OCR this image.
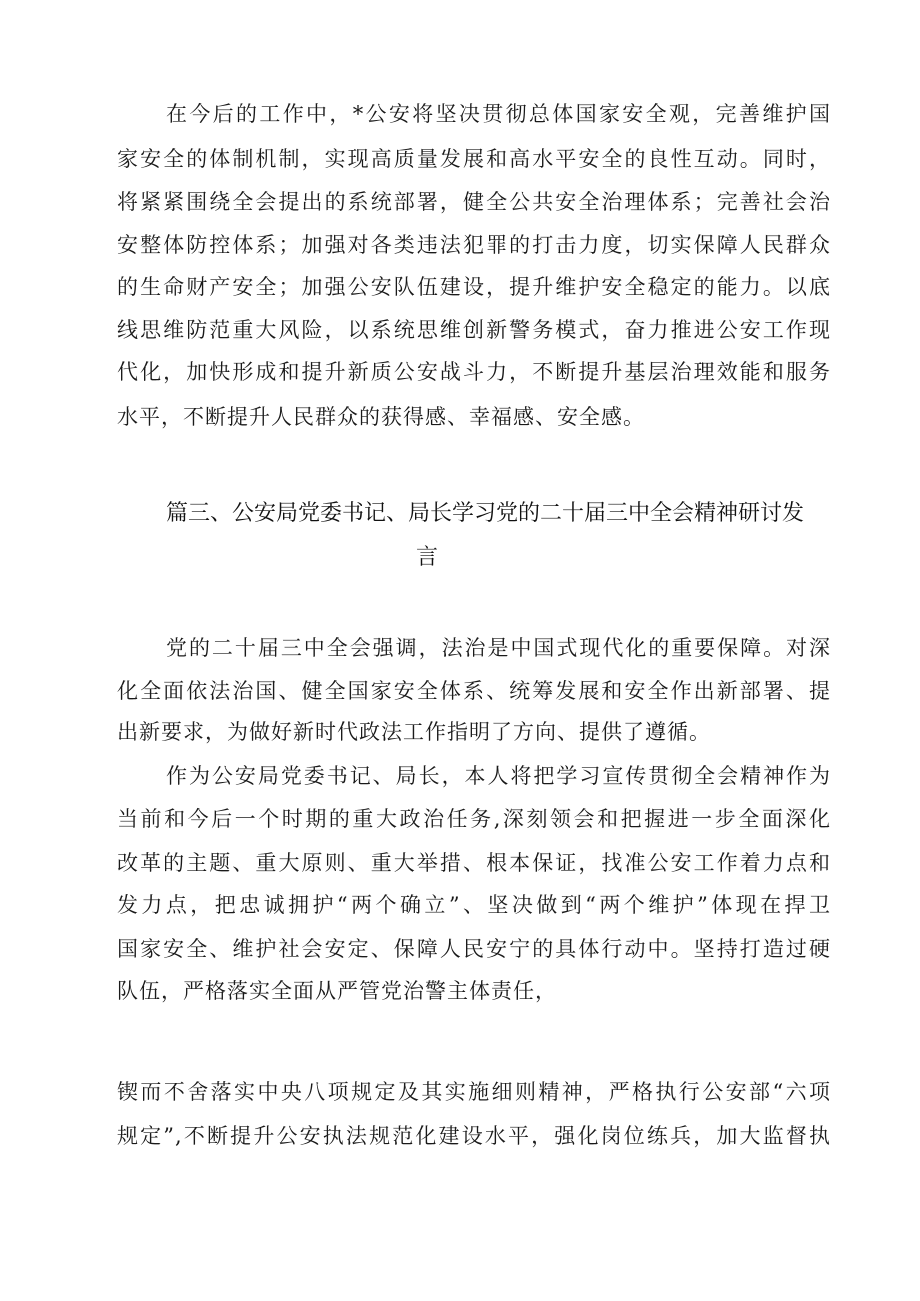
在今后的工作中，*公安将坚决贯彻总体国家安全观，完善维护国
家安全的体制机制，实现高质量发展和高水平安全的良性互动。同时，
将紧紧围绕全会提出的系统部署，健全公共安全治理体系；完善社会治
安整体防控体系；加强对各类违法犯罪的打击力度，切实保障人民群众
的生命财产安全；加强公安队伍建设，提升维护安全稳定的能力。以底
线思维防范重大风险，以系统思维创新警务模式，奋力推进公安工作现
代化，加快形成和提升新质公安战斗力，不断提升基层治理效能和服务
水平，不断提升人民群众的获得感、幸福感、安全感。
篇三、公安局党委书记、局长学习党的二十届三中全会精神研讨发
言
党的二十届三中全会强调，法治是中国式现代化的重要保障。对深
化全面依法治国、健全国家安全体系、统筹发展和安全作出新部署、提
出新要求，为做好新时代政法工作指明了方向、提供了遵循。
作为公安局党委书记、局长，本人将把学习宣传贯彻全会精神作为
当前和今后一个时期的重大政治任务,深刻领会和把握进一步全面深化
改革的主题、重大原则、重大举措、根本保证，找准公安工作着力点和
发力点，把忠诚拥护“两个确立”、坚决做到“两个维护”体现在捍卫
国家安全、维护社会安定、保障人民安宁的具体行动中。坚持打造过硬
队伍，严格落实全面从严管党治警主体责任，
锲而不舍落实中央八项规定及其实施细则精神，严格执行公安部“六项
规定”,不断提升公安执法规范化建设水平，强化岗位练兵，加大监督执
